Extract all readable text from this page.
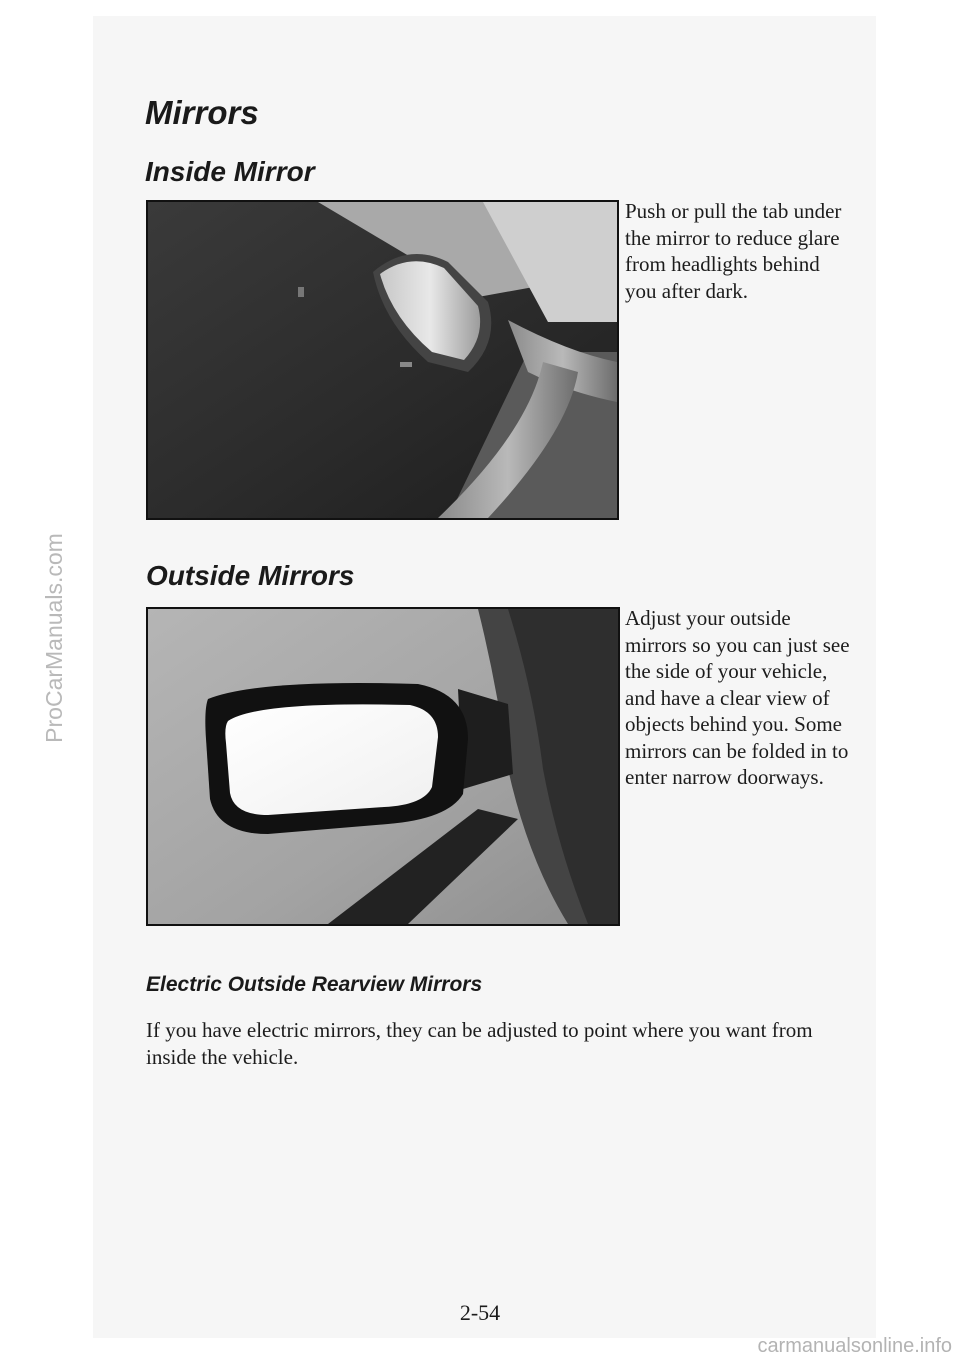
ProCarManuals.com
Mirrors
Inside Mirror

Push or pull the tab under the mirror to reduce glare from headlights behind you after dark.

Outside Mirrors

Adjust your outside mirrors so you can just see the side of your vehicle, and have a clear view of objects behind you. Some mirrors can be folded in to enter narrow doorways.

Electric Outside Rearview Mirrors

If you have electric mirrors, they can be adjusted to point where you want from inside the vehicle.

2-54
carmanualsonline.info
